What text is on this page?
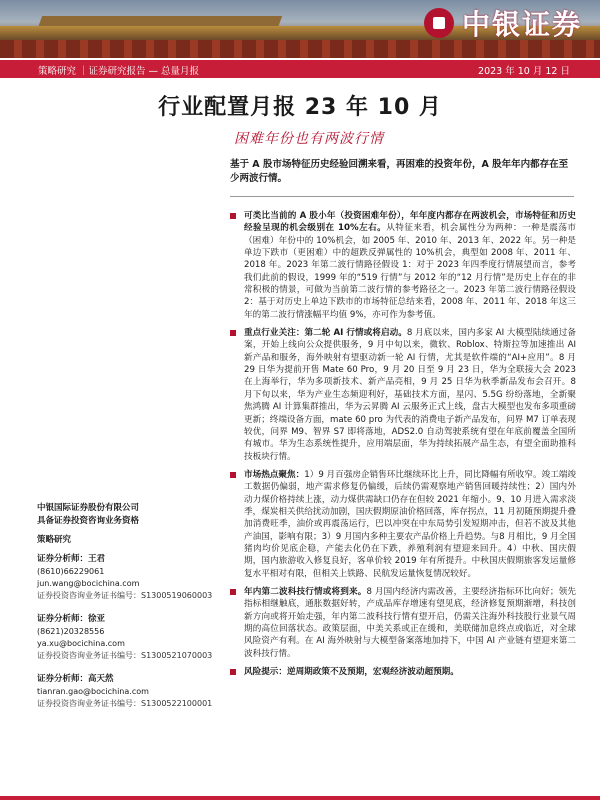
中银证券
策略研究 ｜证券研究报告 — 总量月报	2023 年 10 月 12 日
行业配置月报 23 年 10 月
困难年份也有两波行情
基于 A 股市场特征历史经验回溯来看，再困难的投资年份，A 股年年内都存在至少两波行情。
可类比当前的 A 股小年（投资困难年份），年年度内都存在两波机会，市场特征和历史经验呈现的机会级别在 10%左右。从特征来看，机会属性分为两种：一种是震荡市（困难）年份中的 10%机会，如 2005 年、2010 年、2013 年、2022 年。另一种是单边下跌市（更困难）中的超跌反弹属性的 10%机会，典型如 2008 年、2011 年、2018 年。2023 年第二波行情路径假设 1：对于 2023 年四季度行情展望而言，参考我们此前的假设，1999 年的“519 行情”与 2012 年的“12 月行情”是历史上存在的非常积极的情景，可做为当前第二波行情的参考路径之一。2023 年第二波行情路径假设 2：基于对历史上单边下跌市的市场特征总结来看，2008 年、2011 年、2018 年这三年的第二波行情涨幅平均值 9%，亦可作为参考值。
重点行业关注：第二轮 AI 行情或将启动。8 月底以来，国内多家 AI 大模型陆续通过备案，开始上线向公众提供服务，9 月中旬以来，微软、Roblox、特斯拉等加速推出 AI 新产品和服务，海外映射有望驱动新一轮 AI 行情，尤其是软件端的“AI+应用”。8 月 29 日华为提前开售 Mate 60 Pro，9 月 20 日至 9 月 23 日，华为全联接大会 2023 在上海举行，华为多项新技术、新产品亮相，9 月 25 日华为秋季新品发布会召开。8 月下旬以来，华为产业生态频迎利好，基础技术方面，星闪、5.5G 纷纷落地，全新聚焦鸿腾 AI 计算集群推出，华为云昇腾 AI 云服务正式上线，盘古大模型也发布多项重磅更新；终端设备方面，mate 60 pro 为代表的消费电子新产品发布，问界 M7 订单表现较优，问界 M9、智界 S7 即将落地，ADS2.0 自动驾驶系统有望在年底前覆盖全国所有城市。华为生态系统性提升，应用端层面，华为持续拓展产品生态，有望全面助推科技板块行情。
市场热点聚焦：1）9 月百强房企销售环比继续环比上升，同比降幅有所收窄。竣工端竣工数据仍偏弱，地产需求修复仍偏缓，后续仍需观察地产销售回暖持续性；2）国内外动力煤价格持续上涨，动力煤供需缺口仍存在但较 2021 年缩小。9、10 月进入需求淡季，煤炭相关供给扰动加剧，国庆假期原油价格回落，库存拐点，11 月初随预期提升叠加消费旺季，油价或再震荡运行，巴以冲突在中东局势引发短期冲击，但若不波及其他产油国，影响有限；3）9 月国内多种主要农产品价格上升趋势。与8 月相比，9 月全国猪肉均价见底企稳，产能去化仍在下跌，养殖利润有望迎来回升。4）中秋、国庆假期，国内旅游收入修复良好，客单价较 2019 年有所提升。中秋国庆假期旅客发运量修复水平相对有限，但相关上铁路、民航发运量恢复情况较好。
年内第二波科技行情或将到来。8 月国内经济内需改善，主要经济指标环比向好；领先指标相继触底，通胀数据好转，产成品库存增速有望见底，经济修复预期渐增，科技创新方向或将开始走强，年内第二波科技行情有望开启，仍需关注海外科技股行业景气周期的高位回落状态。政策层面，中美关系或正在缓和，美联储加息终点或临近，对全球风险资产有利。在 AI 海外映射与大模型备案落地加持下，中国 AI 产业链有望迎来第二波科技行情。
风险提示：逆周期政策不及预期，宏观经济波动超预期。
中银国际证券股份有限公司
具备证券投资咨询业务资格
策略研究
证券分析师：王君
(8610)66229061
jun.wang@bocichina.com
证券投资咨询业务证书编号：S1300519060003
证券分析师：徐亚
(8621)20328556
ya.xu@bocichina.com
证券投资咨询业务证书编号：S1300521070003
证券分析师：高天然
tianran.gao@bocichina.com
证券投资咨询业务证书编号：S1300522100001
